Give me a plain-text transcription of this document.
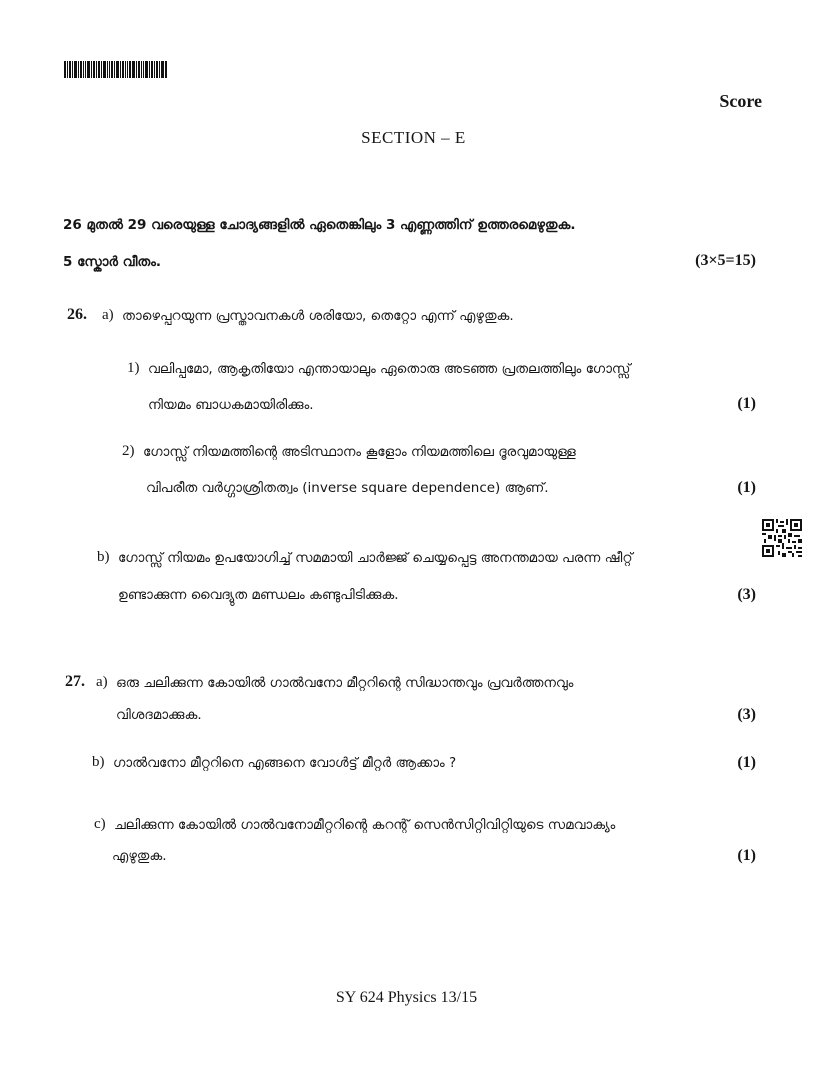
Score
SECTION – E
26 മുതൽ 29 വരെയുള്ള ചോദ്യങ്ങളിൽ ഏതെങ്കിലും 3 എണ്ണത്തിന് ഉത്തരമെഴുതുക.
5 സ്കോർ വീതം.	(3×5=15)
26. a) താഴെപ്പറയുന്ന പ്രസ്താവനകൾ ശരിയോ, തെറ്റോ എന്ന് എഴുതുക.
1) വലിപ്പമോ, ആകൃതിയോ എന്തായാലും ഏതൊരു അടഞ്ഞ പ്രതലത്തിലും ഗോസ്സ്
നിയമം ബാധകമായിരിക്കും.	(1)
2) ഗോസ്സ് നിയമത്തിന്റെ അടിസ്ഥാനം കൂളോം നിയമത്തിലെ ദൂരവുമായുള്ള
വിപരീത വർഗ്ഗാശ്രിതത്വം (inverse square dependence) ആണ്.	(1)
b) ഗോസ്സ് നിയമം ഉപയോഗിച്ച് സമമായി ചാർജ്ജ് ചെയ്യപ്പെട്ട അനന്തമായ പരന്ന ഷീറ്റ്
ഉണ്ടാക്കുന്ന വൈദ്യുത മണ്ഡലം കണ്ടുപിടിക്കുക.	(3)
27. a) ഒരു ചലിക്കുന്ന കോയിൽ ഗാൽവനോ മീറ്ററിന്റെ സിദ്ധാന്തവും പ്രവർത്തനവും
വിശദമാക്കുക.	(3)
b) ഗാൽവനോ മീറ്ററിനെ എങ്ങനെ വോൾട്ട് മീറ്റർ ആക്കാം ?	(1)
c) ചലിക്കുന്ന കോയിൽ ഗാൽവനോമീറ്ററിന്റെ കറന്റ് സെൻസിറ്റിവിറ്റിയുടെ സമവാക്യം
എഴുതുക.	(1)
SY 624 Physics 13/15
